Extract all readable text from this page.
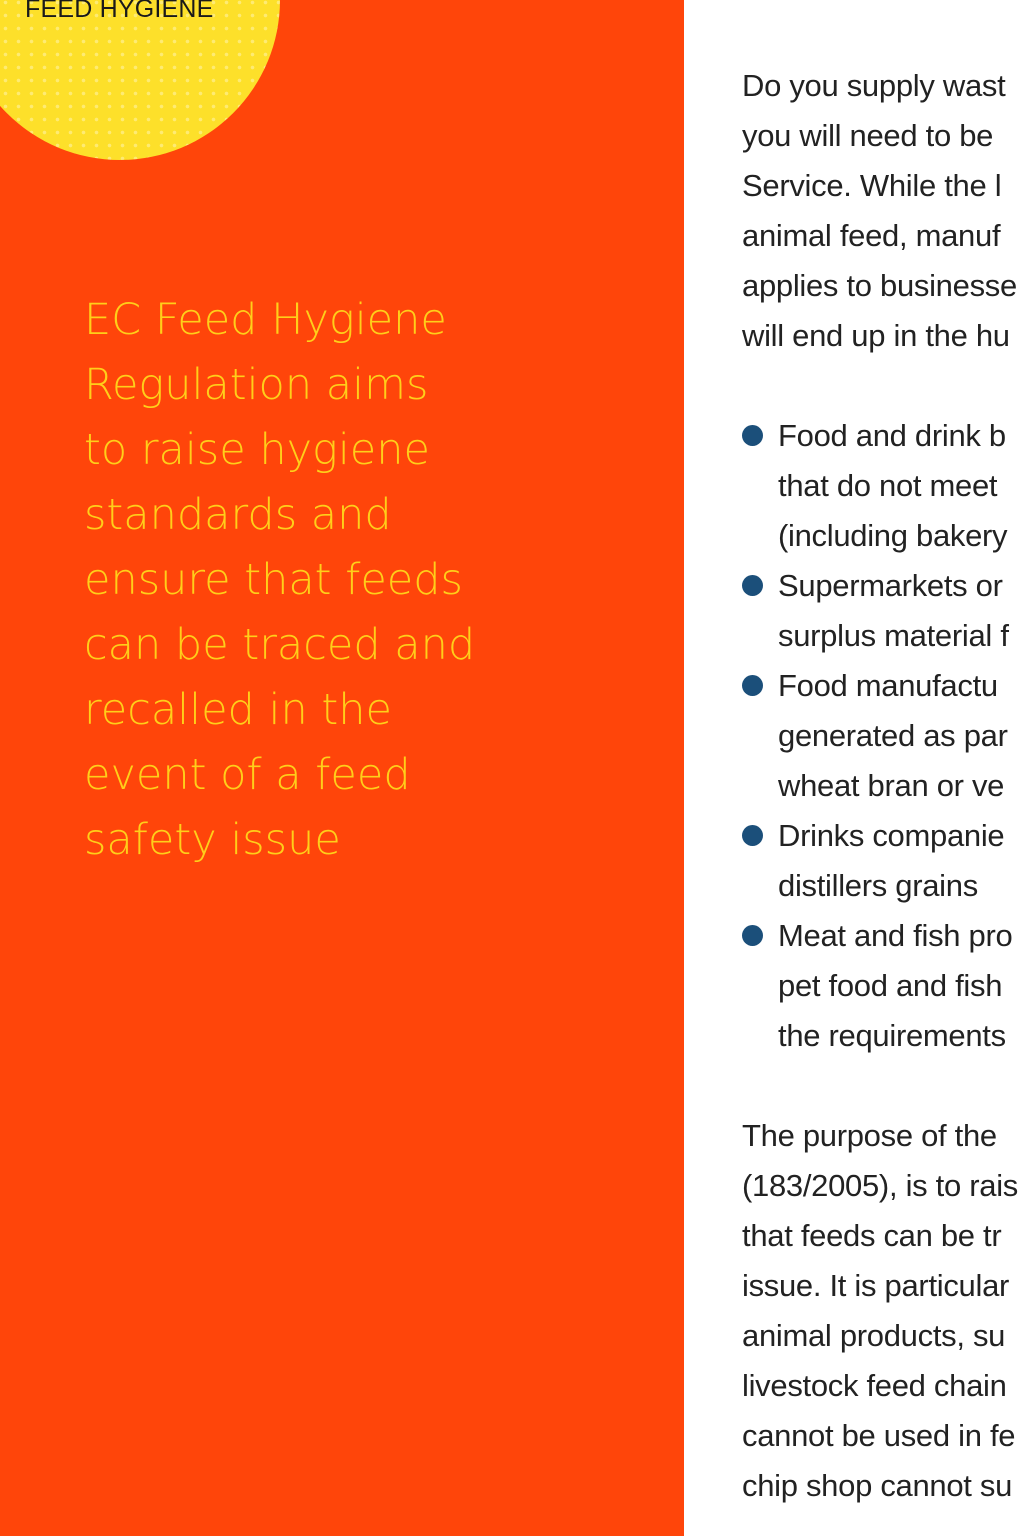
FEED HYGIENE

EC Feed Hygiene
Regulation aims
to raise hygiene
standards and
ensure that feeds
can be traced and
recalled in the
event of a feed
safety issue

Do you supply wast
you will need to be
Service. While the l
animal feed, manuf
applies to businesse
will end up in the hu
Food and drink b
that do not meet
(including bakery
Supermarkets or
surplus material f
Food manufactu
generated as par
wheat bran or ve
Drinks companie
distillers grains
Meat and fish pro
pet food and fish
the requirements
The purpose of the
(183/2005), is to rais
that feeds can be tr
issue. It is particular
animal products, su
livestock feed chain
cannot be used in fe
chip shop cannot su
